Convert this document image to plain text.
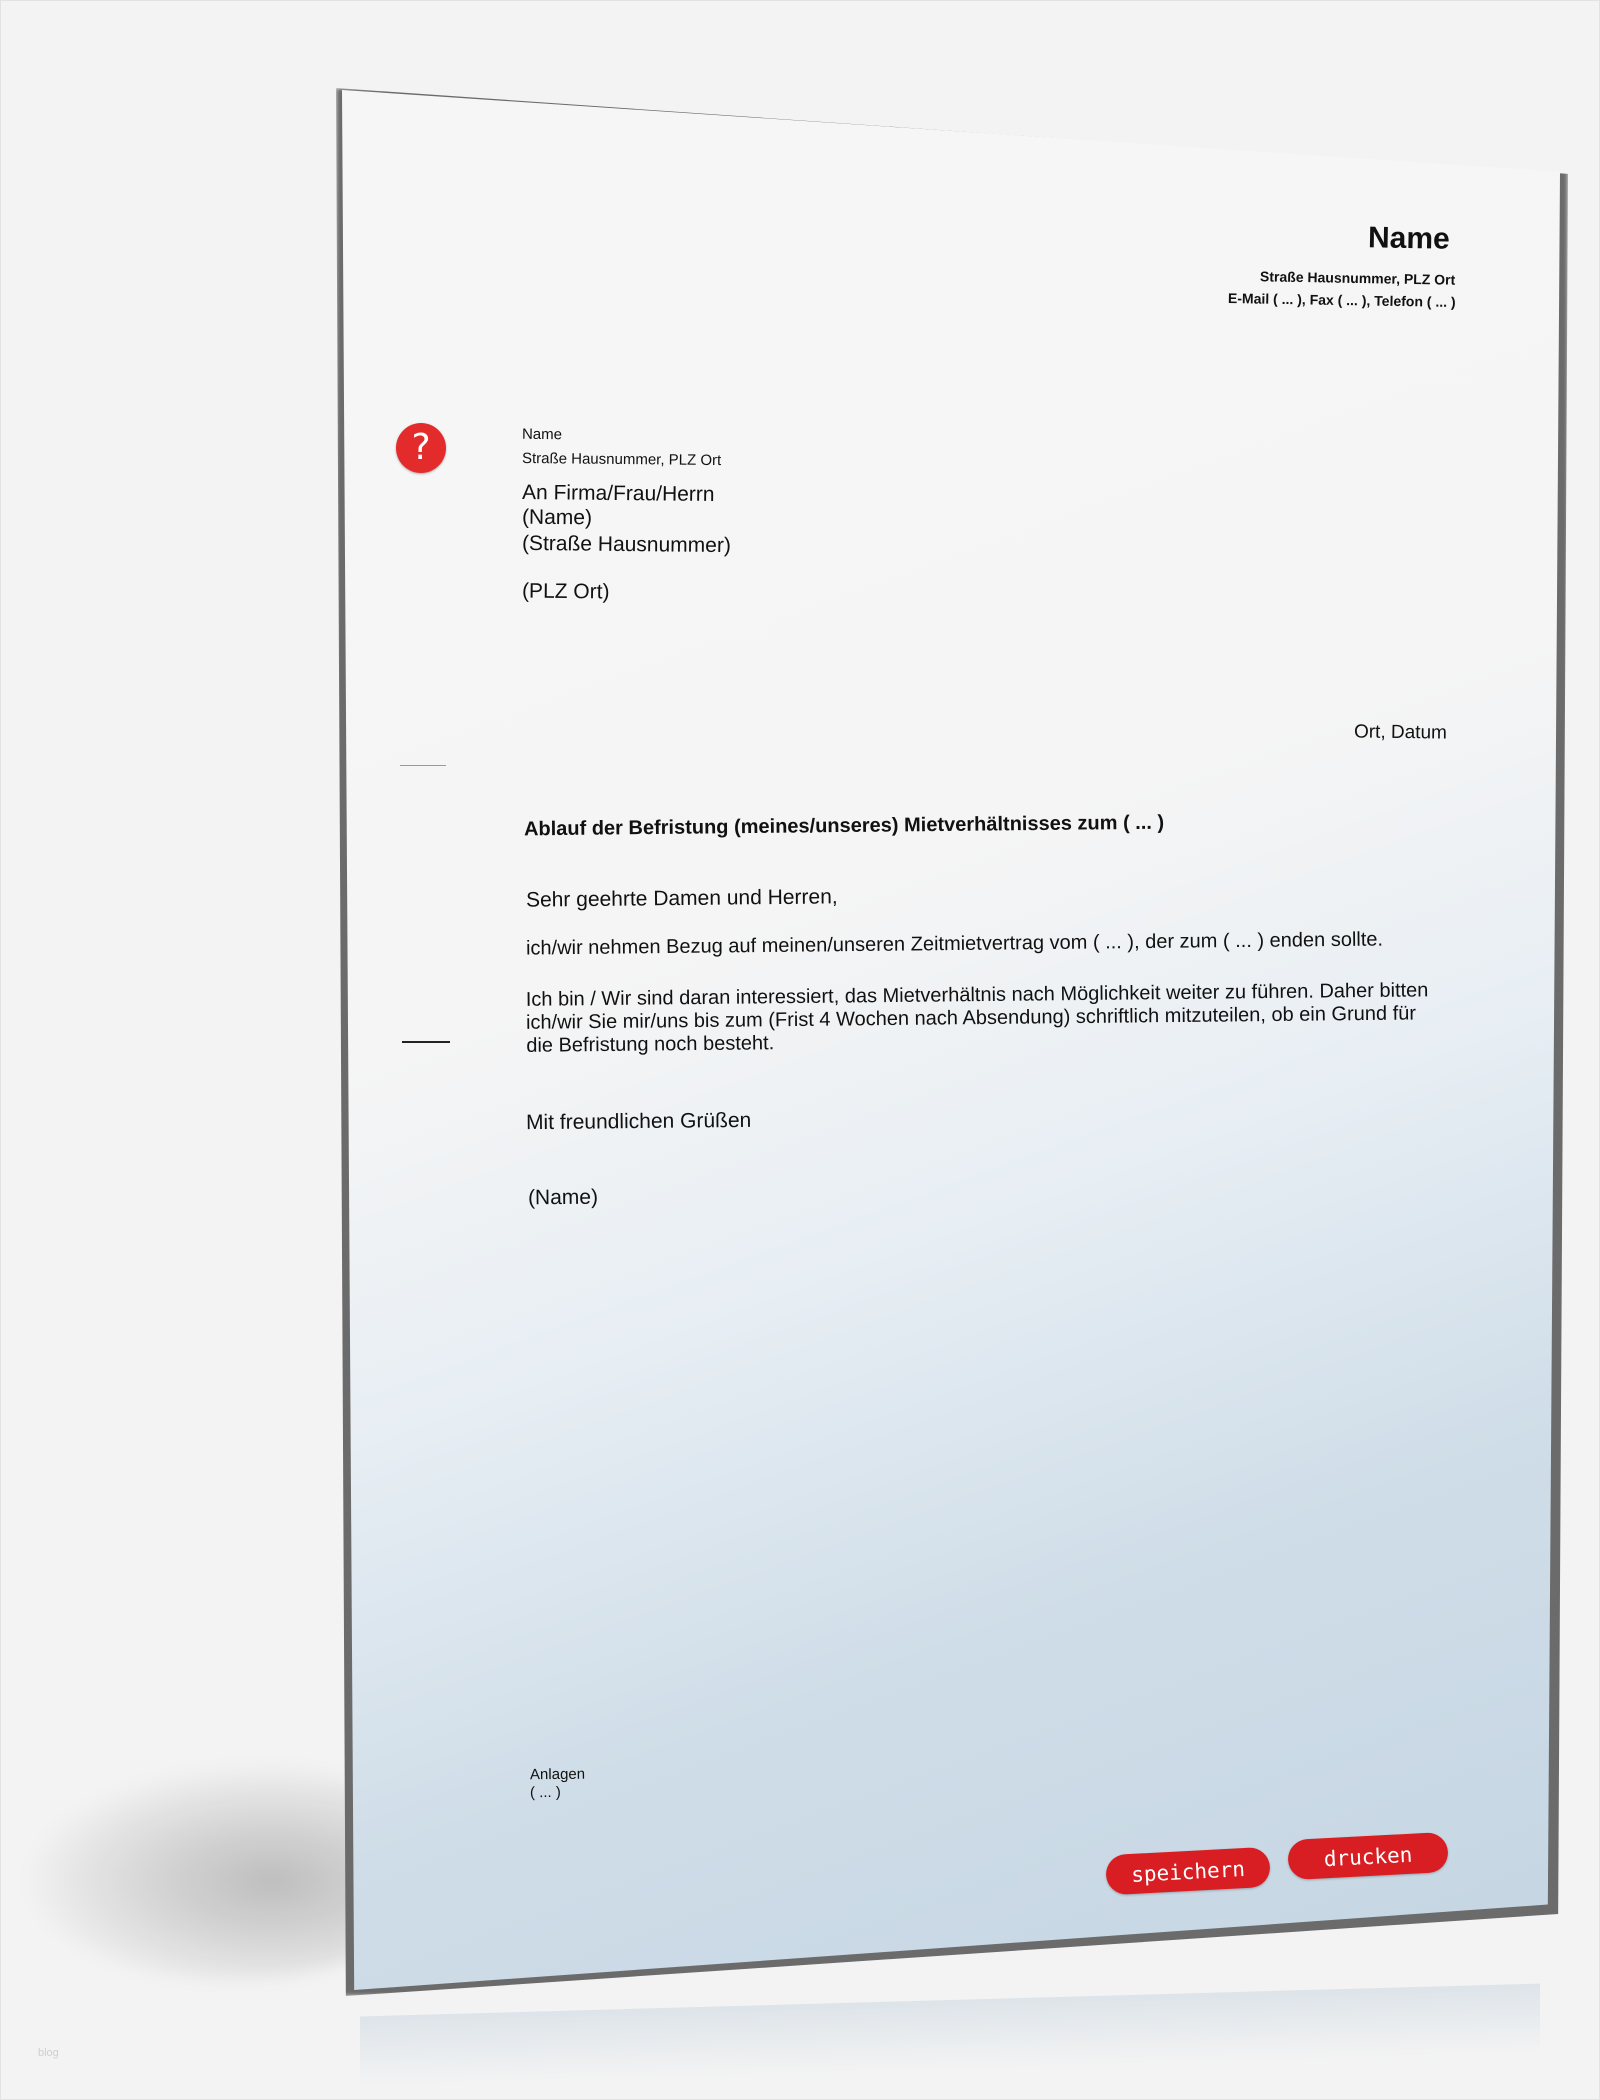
Name
Straße Hausnummer, PLZ Ort
E-Mail ( ... ), Fax ( ... ), Telefon ( ... )
?	Name
Straße Hausnummer, PLZ Ort
An Firma/Frau/Herrn
(Name)
(Straße Hausnummer)
(PLZ Ort)
Ort, Datum
Ablauf der Befristung (meines/unseres) Mietverhältnisses zum ( ... )
Sehr geehrte Damen und Herren,
ich/wir nehmen Bezug auf meinen/unseren Zeitmietvertrag vom ( ... ), der zum ( ... ) enden sollte.
Ich bin / Wir sind daran interessiert, das Mietverhältnis nach Möglichkeit weiter zu führen. Daher bitten ich/wir Sie mir/uns bis zum (Frist 4 Wochen nach Absendung) schriftlich mitzuteilen, ob ein Grund für die Befristung noch besteht.
Mit freundlichen Grüßen
(Name)
Anlagen
( ... )
speichern
drucken
blog
